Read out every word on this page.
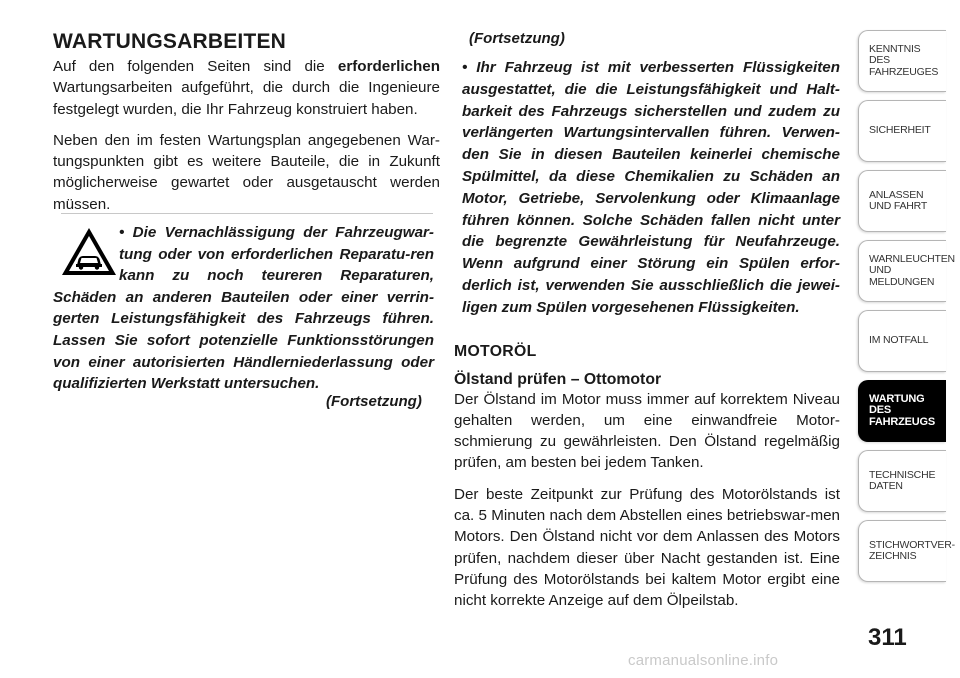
WARTUNGSARBEITEN

Auf den folgenden Seiten sind die erforderlichen Wartungsarbeiten aufgeführt, die durch die Ingenieure festgelegt wurden, die Ihr Fahrzeug konstruiert haben.

Neben den im festen Wartungsplan angegebenen War-tungspunkten gibt es weitere Bauteile, die in Zukunft möglicherweise gewartet oder ausgetauscht werden müssen.

• Die Vernachlässigung der Fahrzeugwar-tung oder von erforderlichen Reparatu-ren kann zu noch teureren Reparaturen, Schäden an anderen Bauteilen oder einer verrin-gerten Leistungsfähigkeit des Fahrzeugs führen. Lassen Sie sofort potenzielle Funktionsstörungen von einer autorisierten Händlerniederlassung oder qualifizierten Werkstatt untersuchen.

(Fortsetzung)
(Fortsetzung)

• Ihr Fahrzeug ist mit verbesserten Flüssigkeiten ausgestattet, die die Leistungsfähigkeit und Halt-barkeit des Fahrzeugs sicherstellen und zudem zu verlängerten Wartungsintervallen führen. Verwen-den Sie in diesen Bauteilen keinerlei chemische Spülmittel, da diese Chemikalien zu Schäden an Motor, Getriebe, Servolenkung oder Klimaanlage führen können. Solche Schäden fallen nicht unter die begrenzte Gewährleistung für Neufahrzeuge. Wenn aufgrund einer Störung ein Spülen erfor-derlich ist, verwenden Sie ausschließlich die jewei-ligen zum Spülen vorgesehenen Flüssigkeiten.

MOTORÖL
Ölstand prüfen – Ottomotor

Der Ölstand im Motor muss immer auf korrektem Niveau gehalten werden, um eine einwandfreie Motor-schmierung zu gewährleisten. Den Ölstand regelmäßig prüfen, am besten bei jedem Tanken.

Der beste Zeitpunkt zur Prüfung des Motorölstands ist ca. 5 Minuten nach dem Abstellen eines betriebswar-men Motors. Den Ölstand nicht vor dem Anlassen des Motors prüfen, nachdem dieser über Nacht gestanden ist. Eine Prüfung des Motorölstands bei kaltem Motor ergibt eine nicht korrekte Anzeige auf dem Ölpeilstab.

KENNTNIS
DES
FAHRZEUGES
SICHERHEIT
ANLASSEN
UND FAHRT
WARNLEUCHTEN
UND
MELDUNGEN
IM NOTFALL
WARTUNG
DES
FAHRZEUGS
TECHNISCHE
DATEN
STICHWORTVER-
ZEICHNIS
311
carmanualsonline.info
